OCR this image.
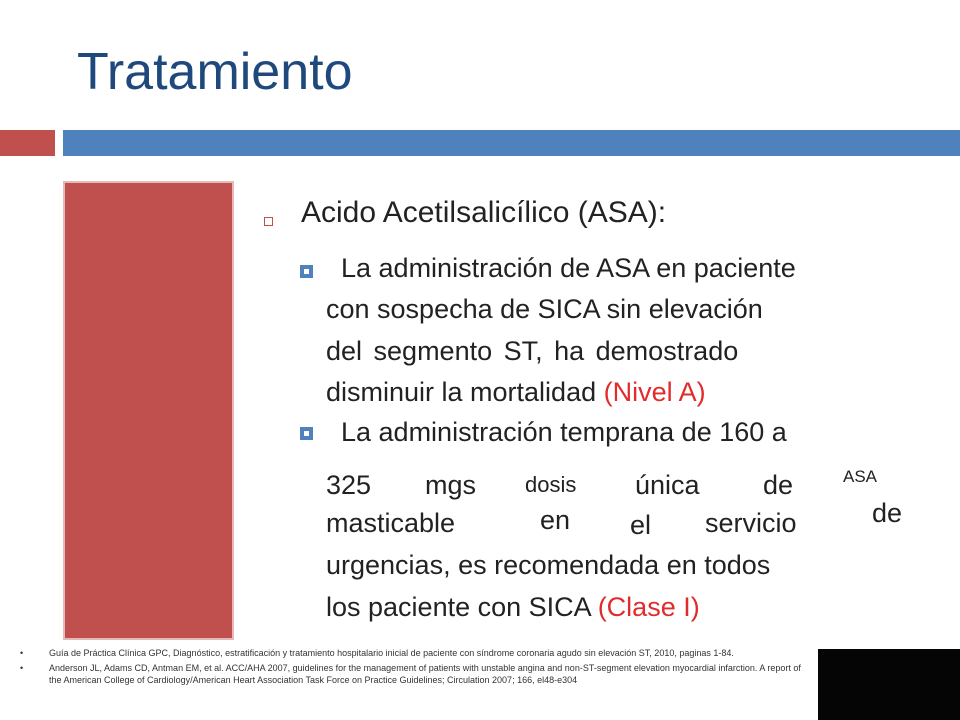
Tratamiento
Acido Acetilsalicílico (ASA):
La administración de ASA en paciente
con sospecha de SICA sin elevación
del segmento ST, ha demostrado
disminuir la mortalidad (Nivel A)
La administración temprana de 160 a
325 mgs dosis única de	ASA
masticable	en el servicio	de
urgencias, es recomendada en todos
los paciente con SICA (Clase I)
•	Guía de Práctica Clínica GPC, Diagnóstico, estratificación y tratamiento hospitalario inicial de paciente con síndrome coronaria agudo sin elevación ST, 2010, paginas 1-84.
•	Anderson JL, Adams CD, Antman EM, et al. ACC/AHA 2007, guidelines for the management of patients with unstable angina and non-ST-segment elevation myocardial infarction. A report of the American College of Cardiology/American Heart Association Task Force on Practice Guidelines; Circulation 2007; 166, el48-e304
